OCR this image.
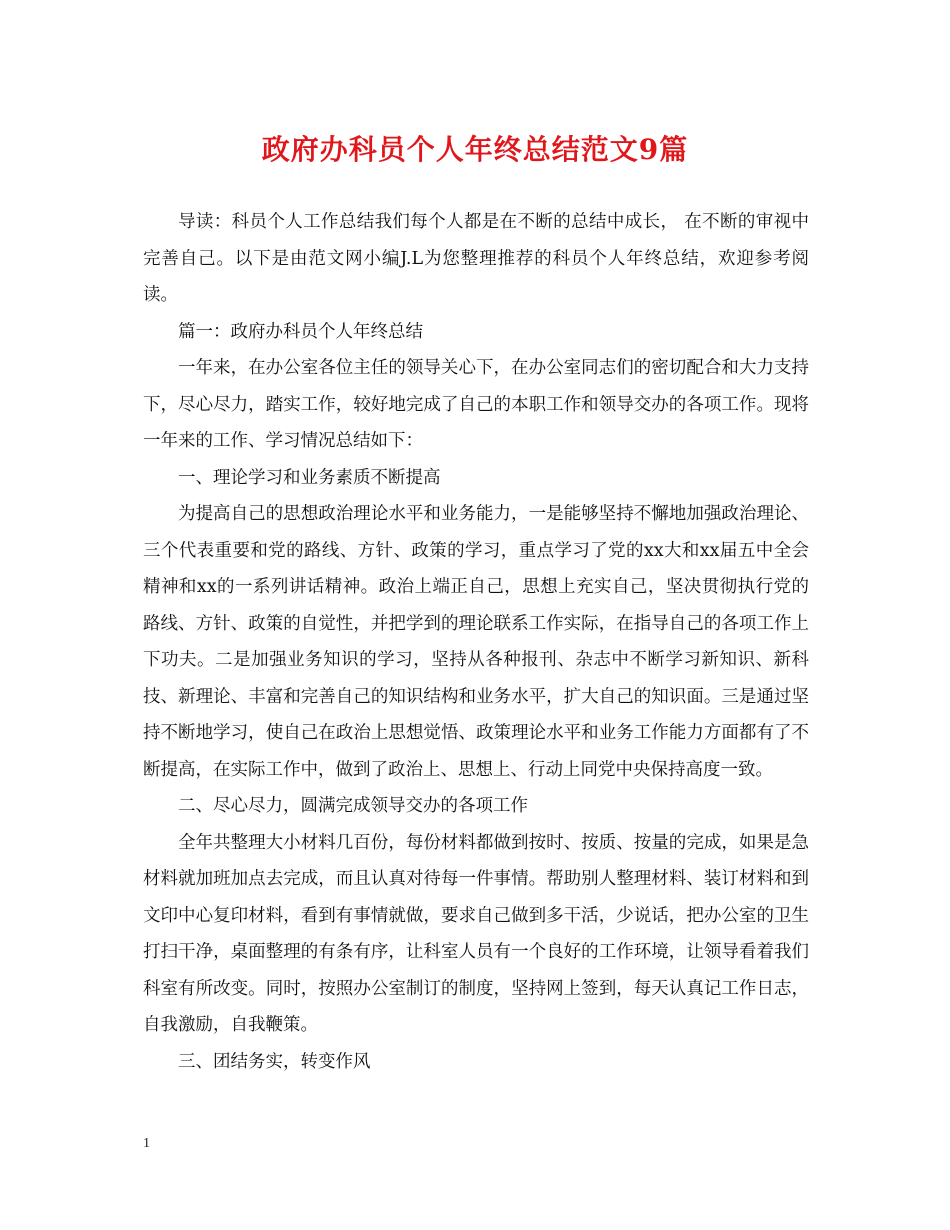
政府办科员个人年终总结范文9篇

导读：科员个人工作总结我们每个人都是在不断的总结中成长， 在不断的审视中完善自己。以下是由范文网小编J.L为您整理推荐的科员个人年终总结，欢迎参考阅读。

篇一：政府办科员个人年终总结

一年来，在办公室各位主任的领导关心下，在办公室同志们的密切配合和大力支持下，尽心尽力，踏实工作，较好地完成了自己的本职工作和领导交办的各项工作。现将一年来的工作、学习情况总结如下：

一、理论学习和业务素质不断提高

为提高自己的思想政治理论水平和业务能力，一是能够坚持不懈地加强政治理论、三个代表重要和党的路线、方针、政策的学习，重点学习了党的xx大和xx届五中全会精神和xx的一系列讲话精神。政治上端正自己，思想上充实自己，坚决贯彻执行党的路线、方针、政策的自觉性，并把学到的理论联系工作实际，在指导自己的各项工作上下功夫。二是加强业务知识的学习，坚持从各种报刊、杂志中不断学习新知识、新科技、新理论、丰富和完善自己的知识结构和业务水平，扩大自己的知识面。三是通过坚持不断地学习，使自己在政治上思想觉悟、政策理论水平和业务工作能力方面都有了不断提高，在实际工作中，做到了政治上、思想上、行动上同党中央保持高度一致。

二、尽心尽力，圆满完成领导交办的各项工作

全年共整理大小材料几百份，每份材料都做到按时、按质、按量的完成，如果是急材料就加班加点去完成，而且认真对待每一件事情。帮助别人整理材料、装订材料和到文印中心复印材料，看到有事情就做，要求自己做到多干活，少说话，把办公室的卫生打扫干净，桌面整理的有条有序，让科室人员有一个良好的工作环境，让领导看着我们科室有所改变。同时，按照办公室制订的制度，坚持网上签到，每天认真记工作日志，自我激励，自我鞭策。

三、团结务实，转变作风

1
